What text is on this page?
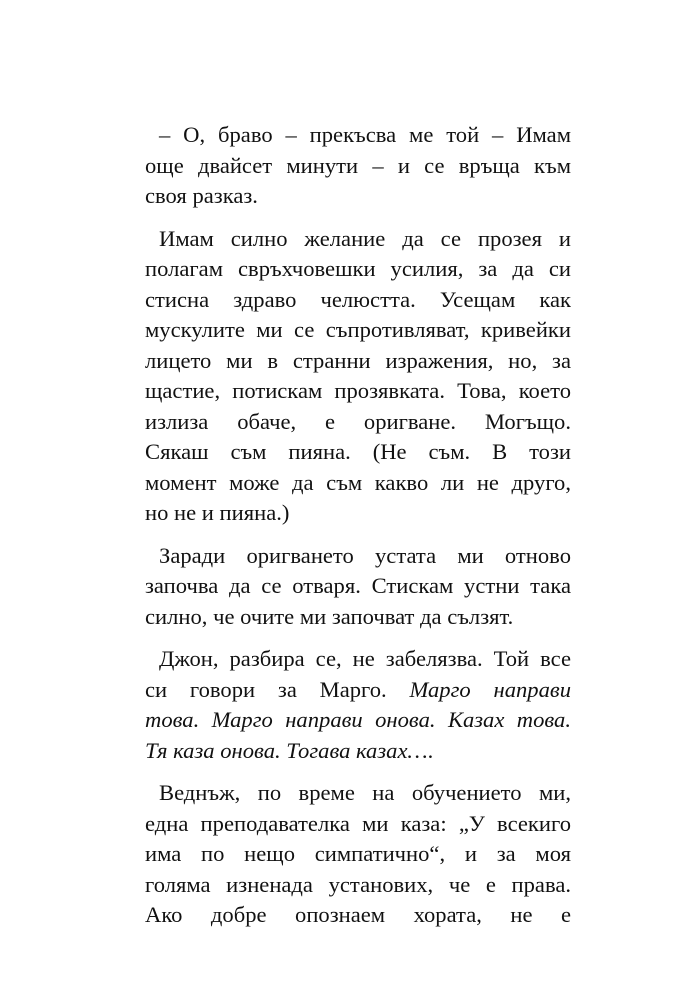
– О, браво – прекъсва ме той – Имам
още двайсет минути – и се връща към
своя разказ.
Имам силно желание да се прозея и
полагам свръхчовешки усилия, за да си
стисна здраво челюстта. Усещам как
мускулите ми се съпротивляват, кривейки
лицето ми в странни изражения, но, за
щастие, потискам прозявката. Това, което
излиза обаче, е оригване. Могъщо.
Сякаш съм пияна. (Не съм. В този
момент може да съм какво ли не друго,
но не и пияна.)
Заради оригването устата ми отново
започва да се отваря. Стискам устни така
силно, че очите ми започват да сълзят.
Джон, разбира се, не забелязва. Той все
си говори за Марго. Марго направи
това. Марго направи онова. Казах това.
Тя каза онова. Тогава казах….
Веднъж, по време на обучението ми,
една преподавателка ми каза: „У всекиго
има по нещо симпатично“, и за моя
голяма изненада установих, че е права.
Ако добре опознаем хората, не е
